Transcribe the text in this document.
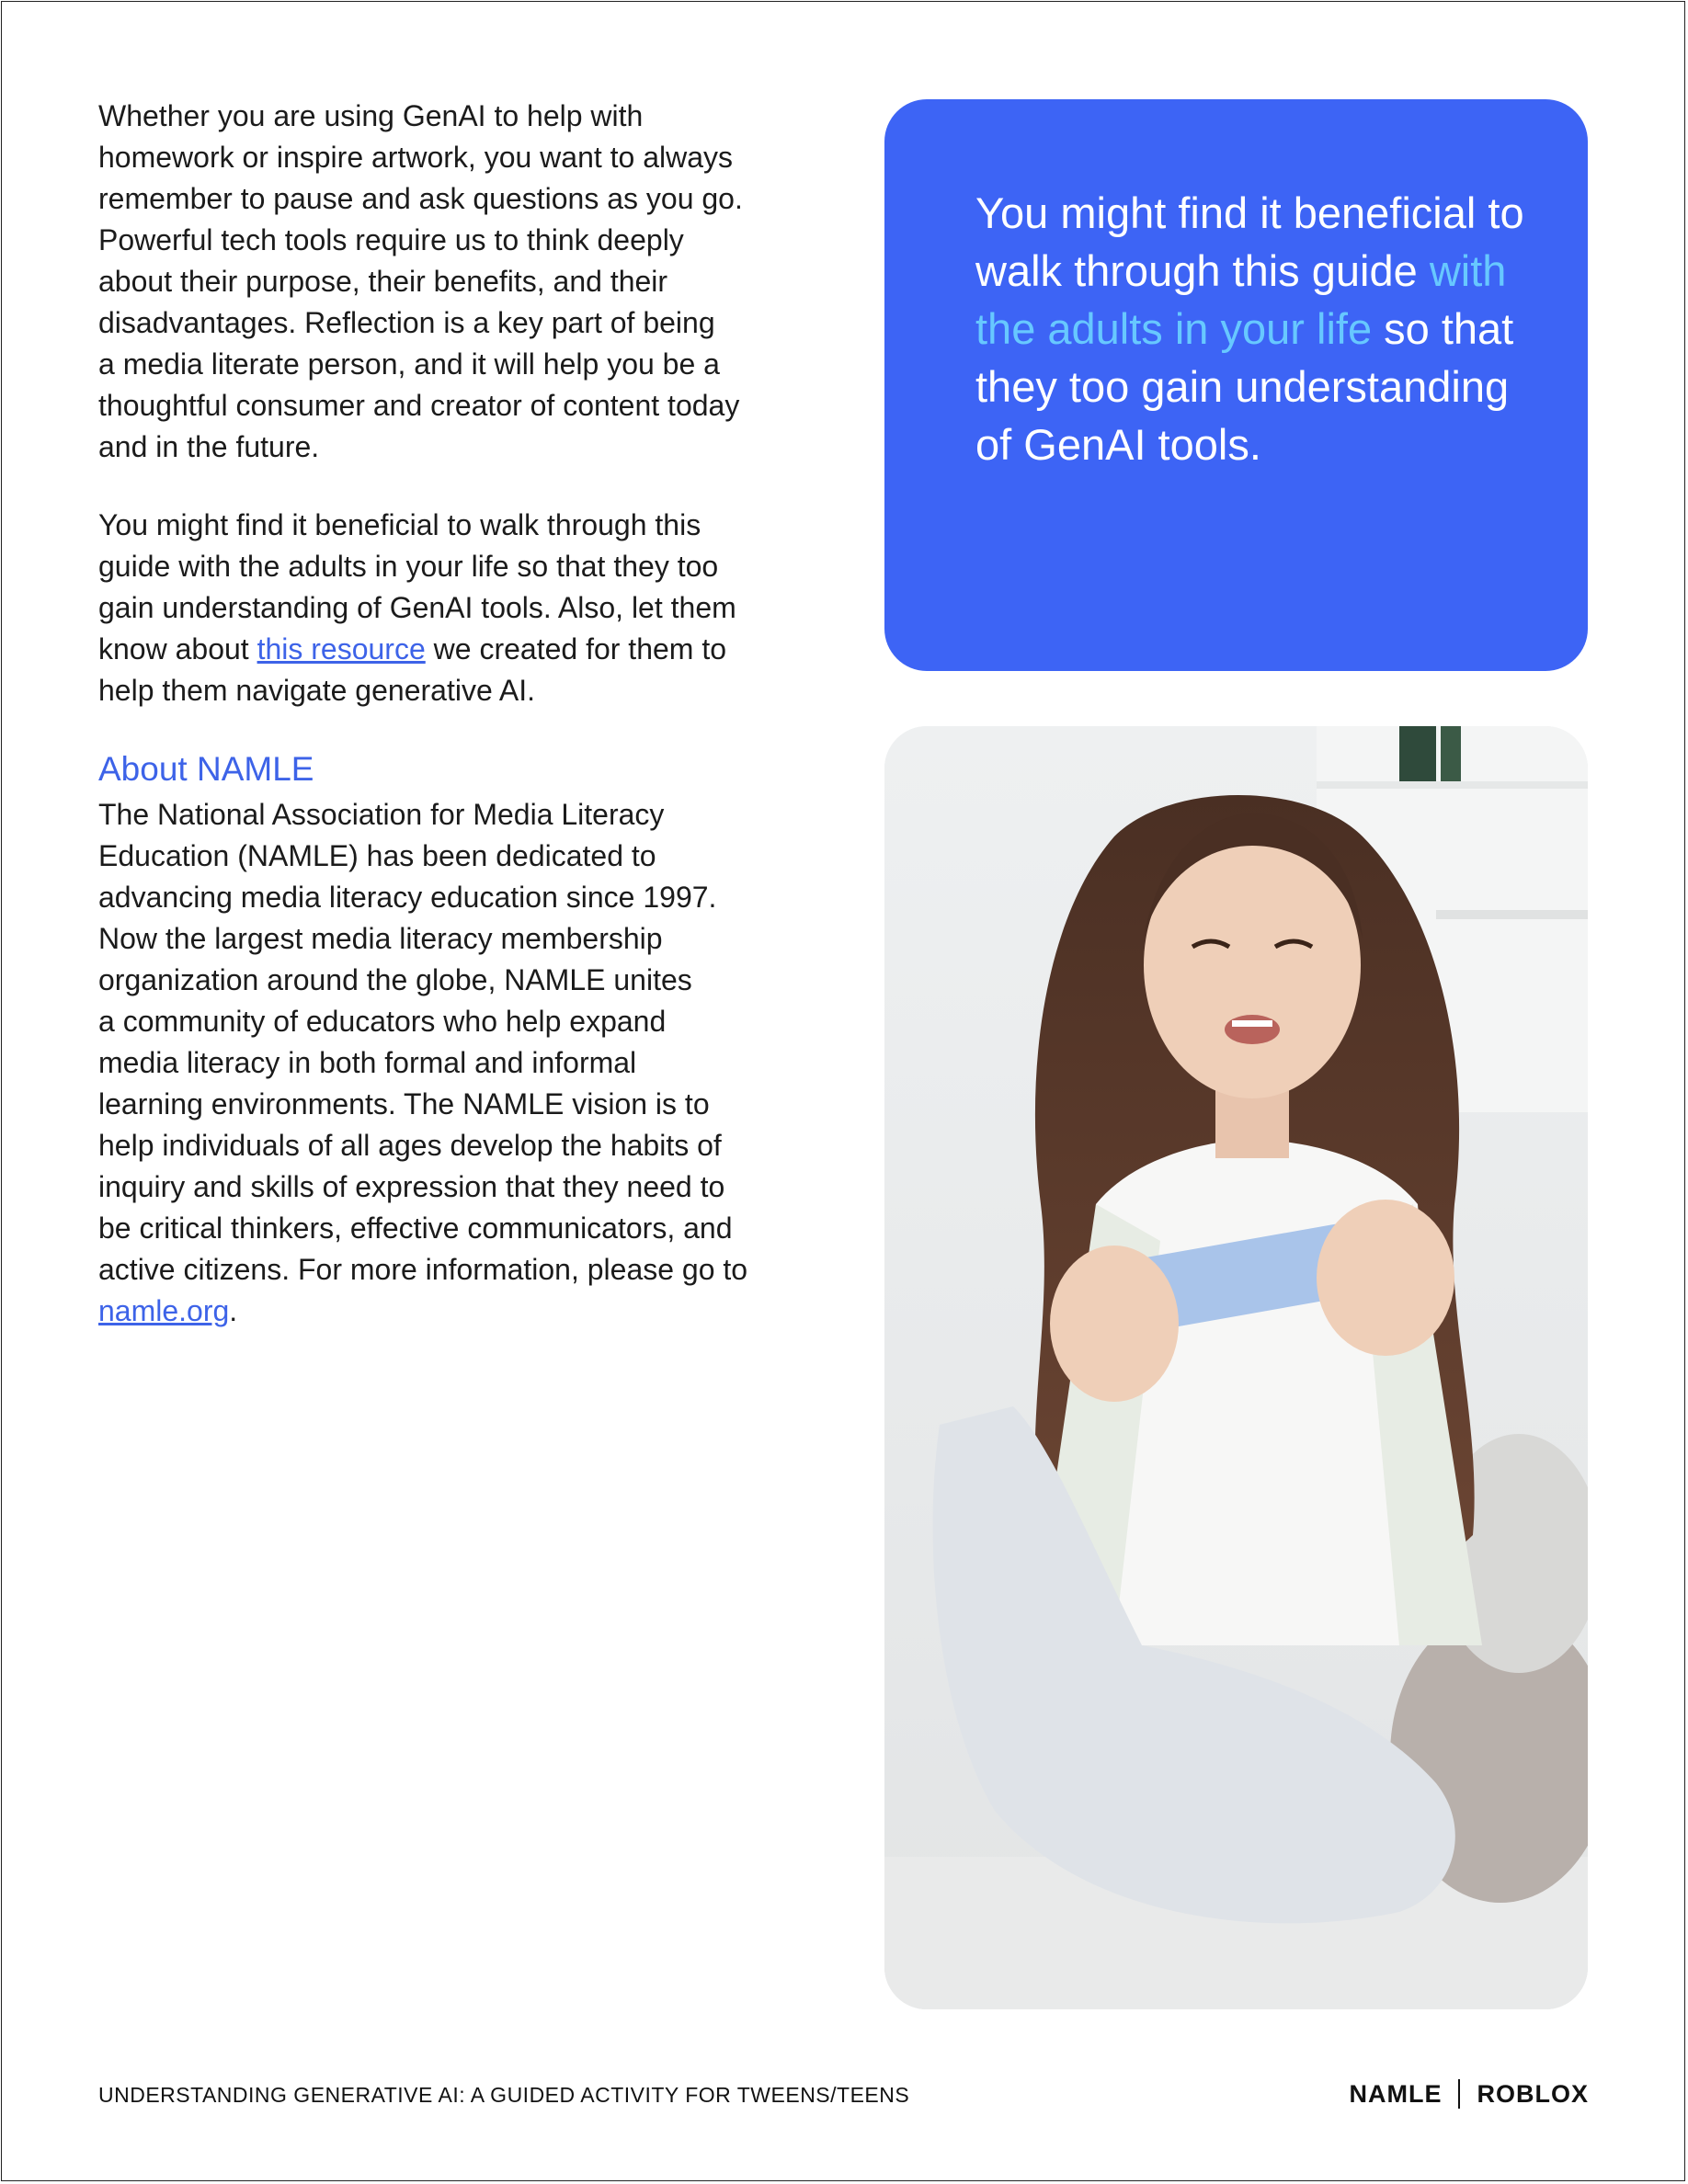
Whether you are using GenAI to help with
homework or inspire artwork, you want to always
remember to pause and ask questions as you go.
Powerful tech tools require us to think deeply
about their purpose, their benefits, and their
disadvantages. Reflection is a key part of being
a media literate person, and it will help you be a
thoughtful consumer and creator of content today
and in the future.

You might find it beneficial to walk through this
guide with the adults in your life so that they too
gain understanding of GenAI tools. Also, let them
know about this resource we created for them to
help them navigate generative AI.

About NAMLE

The National Association for Media Literacy
Education (NAMLE) has been dedicated to
advancing media literacy education since 1997.
Now the largest media literacy membership
organization around the globe, NAMLE unites
a community of educators who help expand
media literacy in both formal and informal
learning environments. The NAMLE vision is to
help individuals of all ages develop the habits of
inquiry and skills of expression that they need to
be critical thinkers, effective communicators, and
active citizens. For more information, please go to
namle.org.

You might find it beneficial to walk through this guide with the adults in your life so that they too gain understanding of GenAI tools.

UNDERSTANDING GENERATIVE AI: A GUIDED ACTIVITY FOR TWEENS/TEENS	NAMLE ROBLOX
